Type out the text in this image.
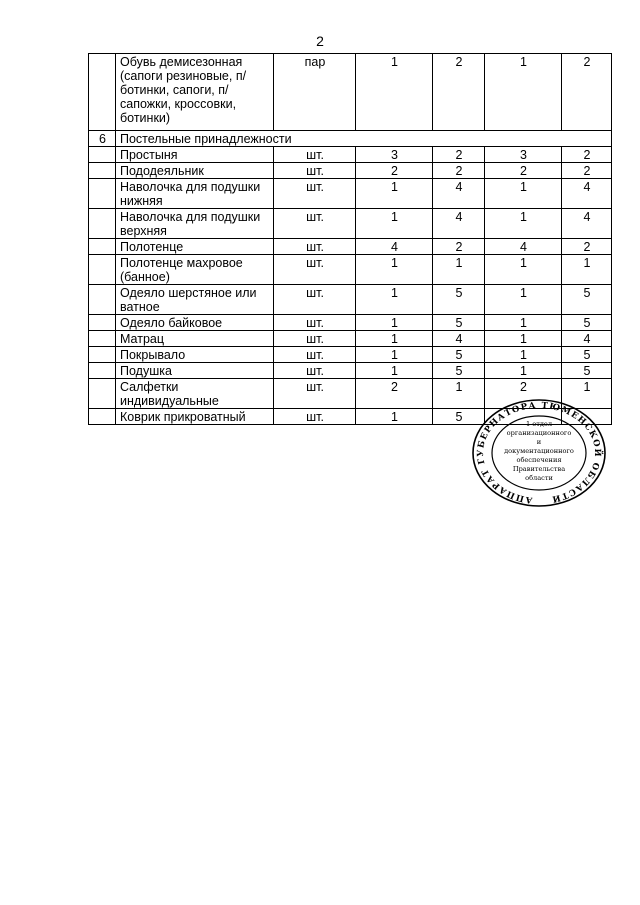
2
	Обувь демисезонная (сапоги резиновые, п/ботинки, сапоги, п/сапожки, кроссовки, ботинки)	пар	1	2	1	2
6	Постельные принадлежности					
	Простыня	шт.	3	2	3	2
	Пододеяльник	шт.	2	2	2	2
	Наволочка для подушки нижняя	шт.	1	4	1	4
	Наволочка для подушки верхняя	шт.	1	4	1	4
	Полотенце	шт.	4	2	4	2
	Полотенце махровое (банное)	шт.	1	1	1	1
	Одеяло шерстяное или ватное	шт.	1	5	1	5
	Одеяло байковое	шт.	1	5	1	5
	Матрац	шт.	1	4	1	4
	Покрывало	шт.	1	5	1	5
	Подушка	шт.	1	5	1	5
	Салфетки индивидуальные	шт.	2	1	2	1
	Коврик прикроватный	шт.	1	5		
АППАРАТ ГУБЕРНАТОРА ТЮМЕНСКОЙ ОБЛАСТИ
1 отдел
организационного
и
документационного
обеспечения
Правительства
области
